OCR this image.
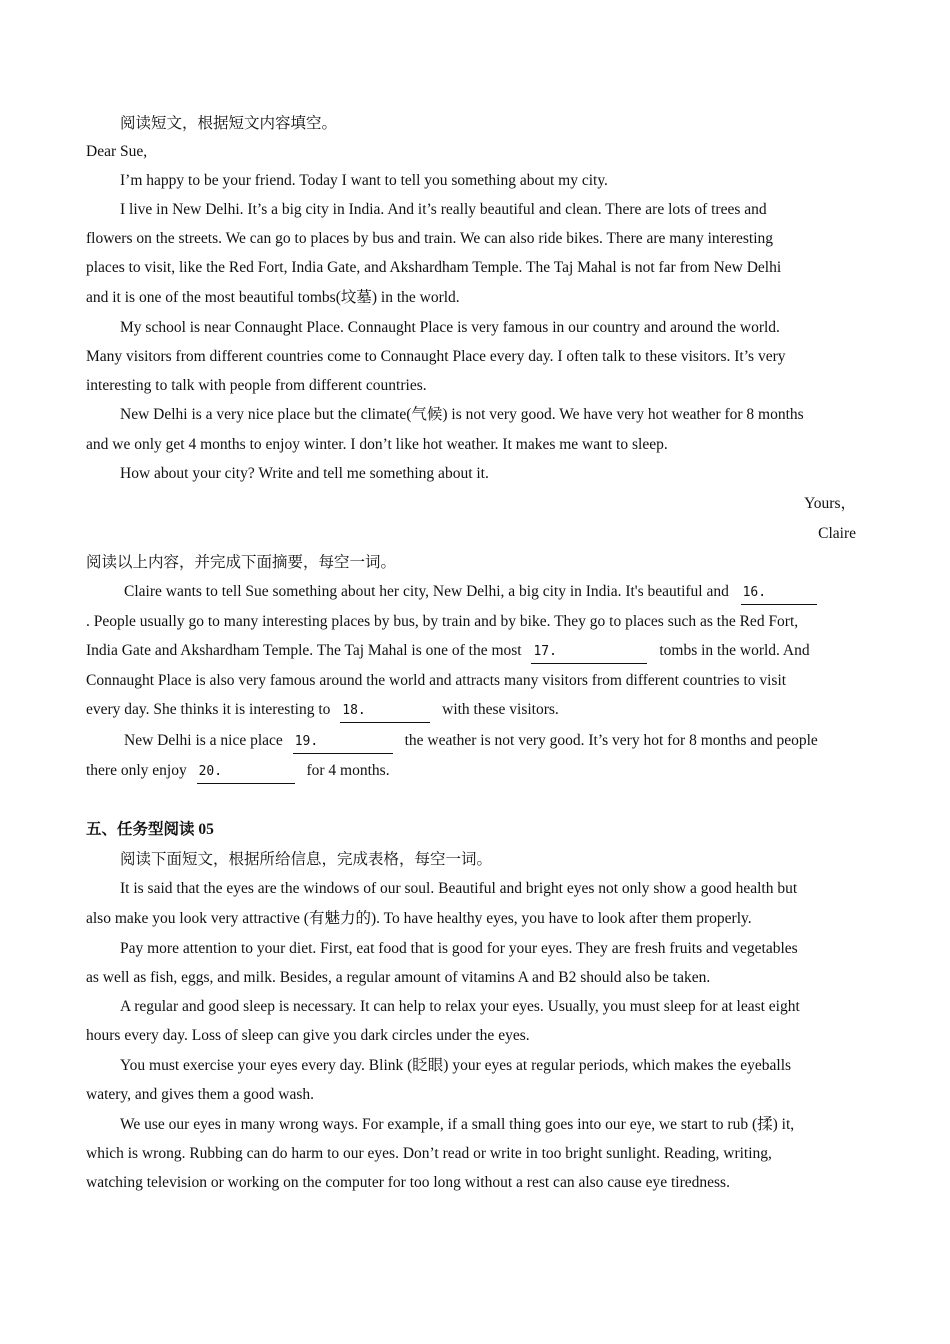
阅读短文，根据短文内容填空。
Dear Sue,
I’m happy to be your friend. Today I want to tell you something about my city.
I live in New Delhi. It’s a big city in India. And it’s really beautiful and clean. There are lots of trees and
flowers on the streets. We can go to places by bus and train. We can also ride bikes. There are many interesting
places to visit, like the Red Fort, India Gate, and Akshardham Temple. The Taj Mahal is not far from New Delhi
and it is one of the most beautiful tombs(坟墓) in the world.
My school is near Connaught Place. Connaught Place is very famous in our country and around the world.
Many visitors from different countries come to Connaught Place every day. I often talk to these visitors. It’s very
interesting to talk with people from different countries.
New Delhi is a very nice place but the climate(气候) is not very good. We have very hot weather for 8 months
and we only get 4 months to enjoy winter. I don’t like hot weather. It makes me want to sleep.
How about your city? Write and tell me something about it.
Yours，
Claire
阅读以上内容，并完成下面摘要，每空一词。
Claire wants to tell Sue something about her city, New Delhi, a big city in India. It's beautiful and 16.
. People usually go to many interesting places by bus, by train and by bike. They go to places such as the Red Fort,
India Gate and Akshardham Temple. The Taj Mahal is one of the most 17.	tombs in the world. And
Connaught Place is also very famous around the world and attracts many visitors from different countries to visit
every day. She thinks it is interesting to 18.	with these visitors.
New Delhi is a nice place 19.	the weather is not very good. It’s very hot for 8 months and people
there only enjoy 20.	for 4 months.
五、任务型阅读 05
阅读下面短文，根据所给信息，完成表格，每空一词。
It is said that the eyes are the windows of our soul. Beautiful and bright eyes not only show a good health but
also make you look very attractive (有魅力的). To have healthy eyes, you have to look after them properly.
Pay more attention to your diet. First, eat food that is good for your eyes. They are fresh fruits and vegetables
as well as fish, eggs, and milk. Besides, a regular amount of vitamins A and B2 should also be taken.
A regular and good sleep is necessary. It can help to relax your eyes. Usually, you must sleep for at least eight
hours every day. Loss of sleep can give you dark circles under the eyes.
You must exercise your eyes every day. Blink (眨眼) your eyes at regular periods, which makes the eyeballs
watery, and gives them a good wash.
We use our eyes in many wrong ways. For example, if a small thing goes into our eye, we start to rub (揉) it,
which is wrong. Rubbing can do harm to our eyes. Don’t read or write in too bright sunlight. Reading, writing,
watching television or working on the computer for too long without a rest can also cause eye tiredness.
